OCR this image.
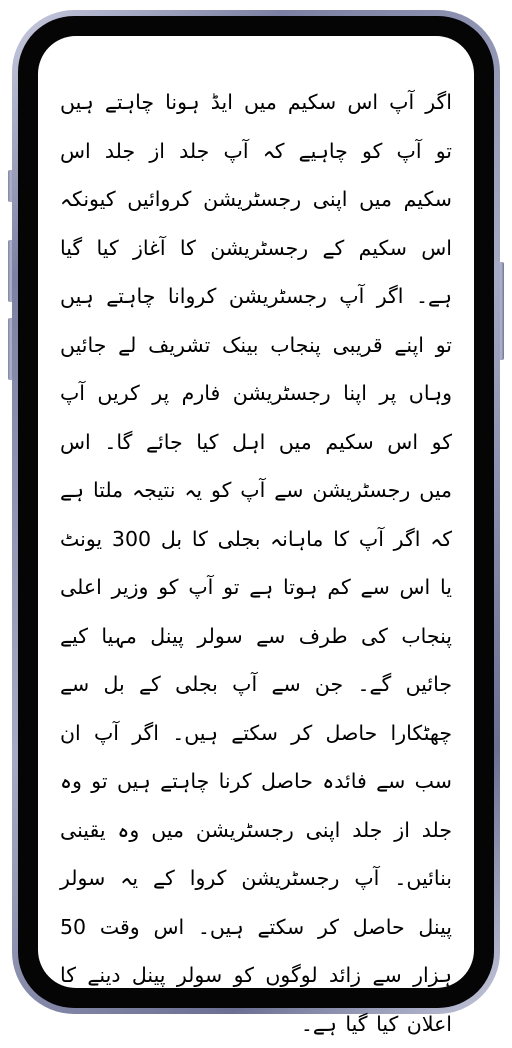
اگر آپ اس سکیم میں ایڈ ہونا چاہتے ہیں تو آپ کو چاہیے کہ آپ جلد از جلد اس سکیم میں اپنی رجسٹریشن کروائیں کیونکہ اس سکیم کے رجسٹریشن کا آغاز کیا گیا ہے۔ اگر آپ رجسٹریشن کروانا چاہتے ہیں تو اپنے قریبی پنجاب بینک تشریف لے جائیں وہاں پر اپنا رجسٹریشن فارم پر کریں آپ کو اس سکیم میں اہل کیا جائے گا۔ اس میں رجسٹریشن سے آپ کو یہ نتیجہ ملتا ہے کہ اگر آپ کا ماہانہ بجلی کا بل 300 یونٹ یا اس سے کم ہوتا ہے تو آپ کو وزیر اعلی پنجاب کی طرف سے سولر پینل مہیا کیے جائیں گے۔ جن سے آپ بجلی کے بل سے چھٹکارا حاصل کر سکتے ہیں۔ اگر آپ ان سب سے فائدہ حاصل کرنا چاہتے ہیں تو وہ جلد از جلد اپنی رجسٹریشن میں وہ یقینی بنائیں۔ آپ رجسٹریشن کروا کے یہ سولر پینل حاصل کر سکتے ہیں۔ اس وقت 50 ہزار سے زائد لوگوں کو سولر پینل دینے کا اعلان کیا گیا ہے۔
